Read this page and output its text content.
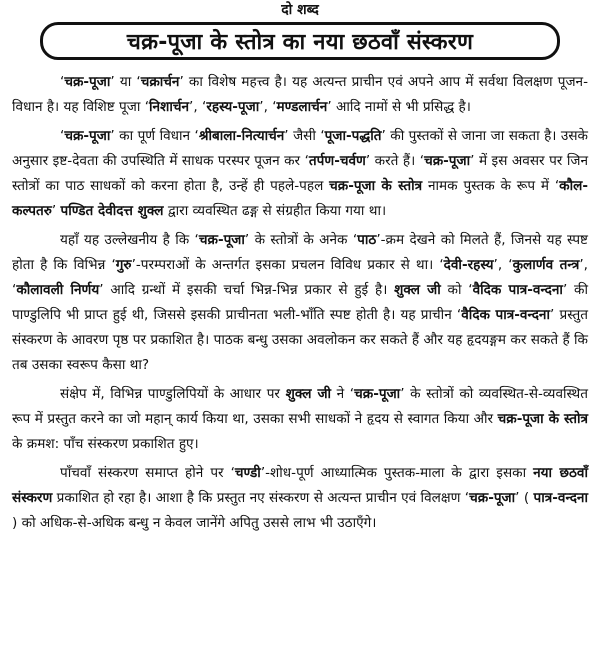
दो शब्द
चक्र-पूजा के स्तोत्र का नया छठवाँ संस्करण

‘चक्र-पूजा’ या ‘चक्रार्चन’ का विशेष महत्त्व है। यह अत्यन्त प्राचीन एवं अपने आप में सर्वथा विलक्षण पूजन-विधान है। यह विशिष्ट पूजा ‘निशार्चन’, ‘रहस्य-पूजा’, ‘मण्डलार्चन’ आदि नामों से भी प्रसिद्ध है।

‘चक्र-पूजा’ का पूर्ण विधान ‘श्रीबाला-नित्यार्चन’ जैसी ‘पूजा-पद्धति’ की पुस्तकों से जाना जा सकता है। उसके अनुसार इष्ट-देवता की उपस्थिति में साधक परस्पर पूजन कर ‘तर्पण-चर्वण’ करते हैं। ‘चक्र-पूजा’ में इस अवसर पर जिन स्तोत्रों का पाठ साधकों को करना होता है, उन्हें ही पहले-पहल चक्र-पूजा के स्तोत्र नामक पुस्तक के रूप में ‘कौल-कल्पतरु’ पण्डित देवीदत्त शुक्ल द्वारा व्यवस्थित ढङ्ग से संग्रहीत किया गया था।

यहाँ यह उल्लेखनीय है कि ‘चक्र-पूजा’ के स्तोत्रों के अनेक ‘पाठ’-क्रम देखने को मिलते हैं, जिनसे यह स्पष्ट होता है कि विभिन्न ‘गुरु’-परम्पराओं के अन्तर्गत इसका प्रचलन विविध प्रकार से था। ‘देवी-रहस्य’, ‘कुलार्णव तन्त्र’, ‘कौलावली निर्णय’ आदि ग्रन्थों में इसकी चर्चा भिन्न-भिन्न प्रकार से हुई है। शुक्ल जी को ‘वैदिक पात्र-वन्दना’ की पाण्डुलिपि भी प्राप्त हुई थी, जिससे इसकी प्राचीनता भली-भाँति स्पष्ट होती है। यह प्राचीन ‘वैदिक पात्र-वन्दना’ प्रस्तुत संस्करण के आवरण पृष्ठ पर प्रकाशित है। पाठक बन्धु उसका अवलोकन कर सकते हैं और यह हृदयङ्गम कर सकते हैं कि तब उसका स्वरूप कैसा था?

संक्षेप में, विभिन्न पाण्डुलिपियों के आधार पर शुक्ल जी ने ‘चक्र-पूजा’ के स्तोत्रों को व्यवस्थित-से-व्यवस्थित रूप में प्रस्तुत करने का जो महान् कार्य किया था, उसका सभी साधकों ने हृदय से स्वागत किया और चक्र-पूजा के स्तोत्र के क्रमश: पाँच संस्करण प्रकाशित हुए।

पाँचवाँ संस्करण समाप्त होने पर ‘चण्डी’-शोध-पूर्ण आध्यात्मिक पुस्तक-माला के द्वारा इसका नया छठवाँ संस्करण प्रकाशित हो रहा है। आशा है कि प्रस्तुत नए संस्करण से अत्यन्त प्राचीन एवं विलक्षण ‘चक्र-पूजा’ ( पात्र-वन्दना ) को अधिक-से-अधिक बन्धु न केवल जानेंगे अपितु उससे लाभ भी उठाएँगे।
